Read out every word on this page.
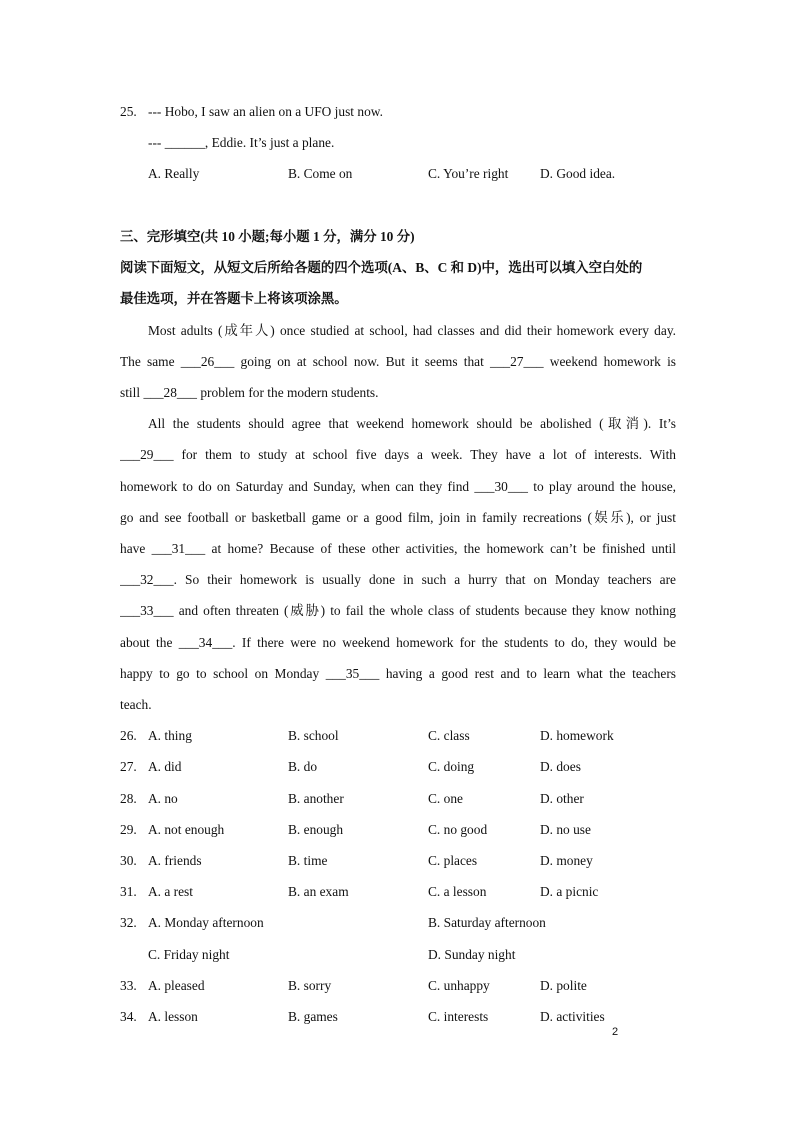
25. --- Hobo, I saw an alien on a UFO just now.
--- ______, Eddie. It’s just a plane.
A. Really	B. Come on	C. You’re right D. Good idea.
三、完形填空(共 10 小题;每小题 1 分，满分 10 分)
阅读下面短文，从短文后所给各题的四个选项(A、B、C 和 D)中，选出可以填入空白处的
最佳选项，并在答题卡上将该项涂黑。
Most adults (成年人) once studied at school, had classes and did their homework every day.
The same ___26___ going on at school now. But it seems that ___27___ weekend homework is
still ___28___ problem for the modern students.
All the students should agree that weekend homework should be abolished (取消). It’s
___29___ for them to study at school five days a week. They have a lot of interests. With
homework to do on Saturday and Sunday, when can they find ___30___ to play around the house,
go and see football or basketball game or a good film, join in family recreations (娱乐), or just
have ___31___ at home? Because of these other activities, the homework can’t be finished until
___32___. So their homework is usually done in such a hurry that on Monday teachers are
___33___ and often threaten (威胁) to fail the whole class of students because they know nothing
about the ___34___. If there were no weekend homework for the students to do, they would be
happy to go to school on Monday ___35___ having a good rest and to learn what the teachers
teach.
26. A. thing	B. school	C. class	D. homework
27. A. did	B. do	C. doing	D. does
28. A. no	B. another	C. one	D. other
29. A. not enough	B. enough	C. no good	D. no use
30. A. friends	B. time	C. places	D. money
31. A. a rest	B. an exam	C. a lesson	D. a picnic
32. A. Monday afternoon	B. Saturday afternoon
C. Friday night	D. Sunday night
33. A. pleased	B. sorry	C. unhappy	D. polite
34. A. lesson	B. games	C. interests	D. activities
2
